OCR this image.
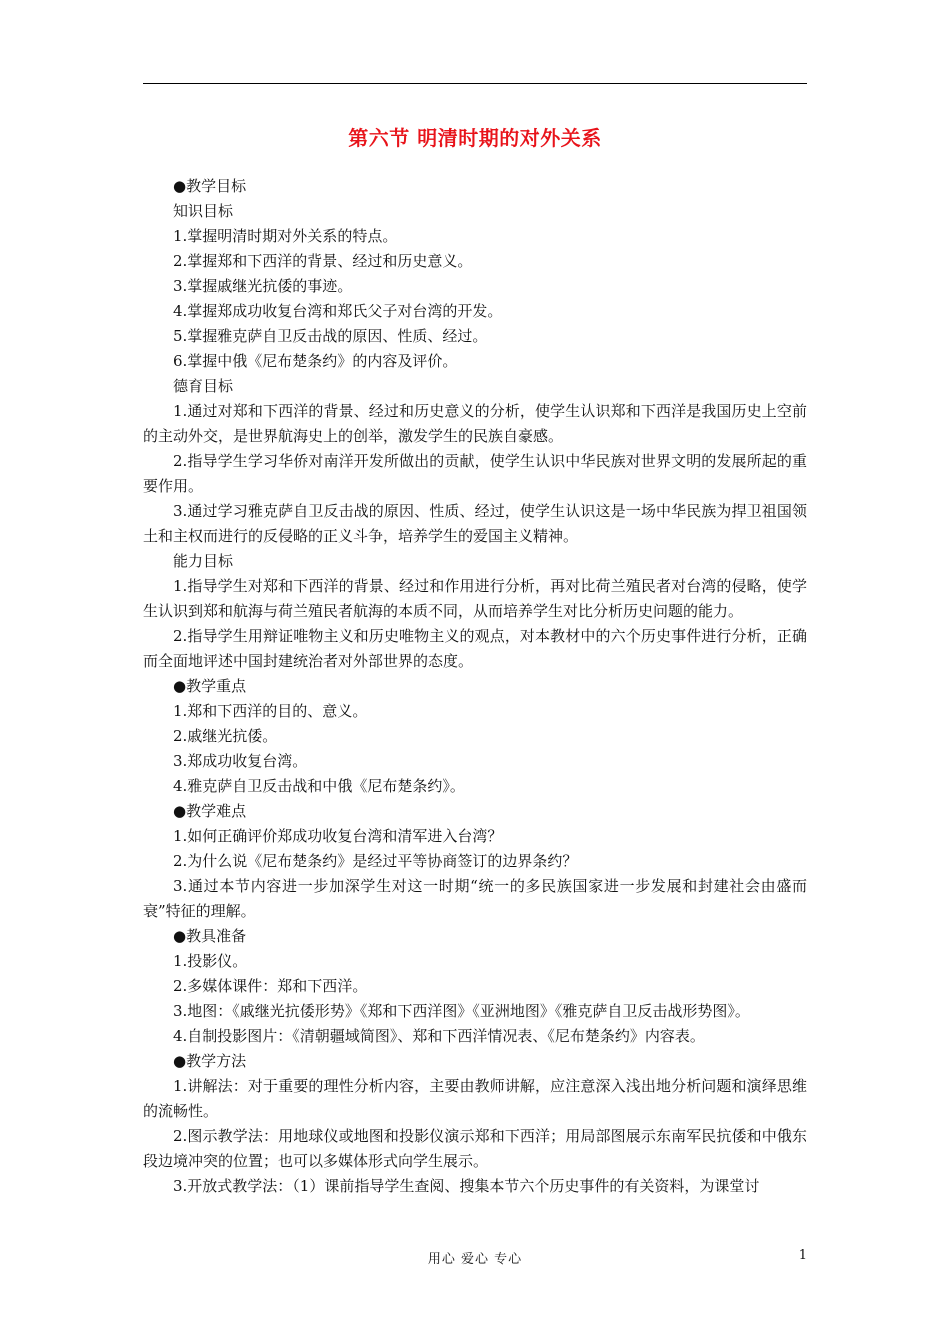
第六节 明清时期的对外关系

●教学目标

知识目标

1.掌握明清时期对外关系的特点。

2.掌握郑和下西洋的背景、经过和历史意义。

3.掌握戚继光抗倭的事迹。

4.掌握郑成功收复台湾和郑氏父子对台湾的开发。

5.掌握雅克萨自卫反击战的原因、性质、经过。

6.掌握中俄《尼布楚条约》的内容及评价。

德育目标

1.通过对郑和下西洋的背景、经过和历史意义的分析，使学生认识郑和下西洋是我国历史上空前的主动外交，是世界航海史上的创举，激发学生的民族自豪感。

2.指导学生学习华侨对南洋开发所做出的贡献，使学生认识中华民族对世界文明的发展所起的重要作用。

3.通过学习雅克萨自卫反击战的原因、性质、经过，使学生认识这是一场中华民族为捍卫祖国领土和主权而进行的反侵略的正义斗争，培养学生的爱国主义精神。

能力目标

1.指导学生对郑和下西洋的背景、经过和作用进行分析，再对比荷兰殖民者对台湾的侵略，使学生认识到郑和航海与荷兰殖民者航海的本质不同，从而培养学生对比分析历史问题的能力。

2.指导学生用辩证唯物主义和历史唯物主义的观点，对本教材中的六个历史事件进行分析，正确而全面地评述中国封建统治者对外部世界的态度。

●教学重点

1.郑和下西洋的目的、意义。

2.戚继光抗倭。

3.郑成功收复台湾。

4.雅克萨自卫反击战和中俄《尼布楚条约》。

●教学难点

1.如何正确评价郑成功收复台湾和清军进入台湾？

2.为什么说《尼布楚条约》是经过平等协商签订的边界条约？

3.通过本节内容进一步加深学生对这一时期“统一的多民族国家进一步发展和封建社会由盛而衰”特征的理解。

●教具准备

1.投影仪。

2.多媒体课件：郑和下西洋。

3.地图：《戚继光抗倭形势》《郑和下西洋图》《亚洲地图》《雅克萨自卫反击战形势图》。

4.自制投影图片：《清朝疆域简图》、郑和下西洋情况表、《尼布楚条约》内容表。

●教学方法

1.讲解法：对于重要的理性分析内容，主要由教师讲解，应注意深入浅出地分析问题和演绎思维的流畅性。

2.图示教学法：用地球仪或地图和投影仪演示郑和下西洋；用局部图展示东南军民抗倭和中俄东段边境冲突的位置；也可以多媒体形式向学生展示。

3.开放式教学法：（1）课前指导学生查阅、搜集本节六个历史事件的有关资料，为课堂讨

用心 爱心 专心	1
